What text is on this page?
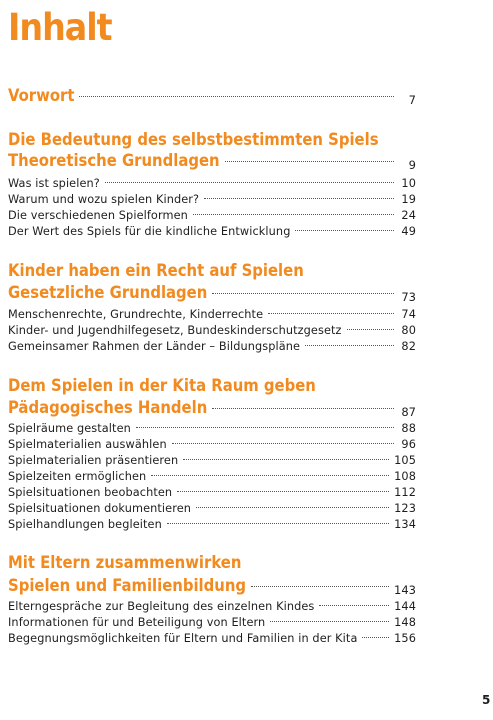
Inhalt
Vorwort	7
Die Bedeutung des selbstbestimmten Spiels
Theoretische Grundlagen	9
Was ist spielen?	10
Warum und wozu spielen Kinder?	19
Die verschiedenen Spielformen	24
Der Wert des Spiels für die kindliche Entwicklung	49
Kinder haben ein Recht auf Spielen
Gesetzliche Grundlagen	73
Menschenrechte, Grundrechte, Kinderrechte	74
Kinder- und Jugendhilfegesetz, Bundeskinderschutzgesetz	80
Gemeinsamer Rahmen der Länder – Bildungspläne	82
Dem Spielen in der Kita Raum geben
Pädagogisches Handeln	87
Spielräume gestalten	88
Spielmaterialien auswählen	96
Spielmaterialien präsentieren	105
Spielzeiten ermöglichen	108
Spielsituationen beobachten	112
Spielsituationen dokumentieren	123
Spielhandlungen begleiten	134
Mit Eltern zusammenwirken
Spielen und Familienbildung	143
Elterngespräche zur Begleitung des einzelnen Kindes	144
Informationen für und Beteiligung von Eltern	148
Begegnungsmöglichkeiten für Eltern und Familien in der Kita	156
5
